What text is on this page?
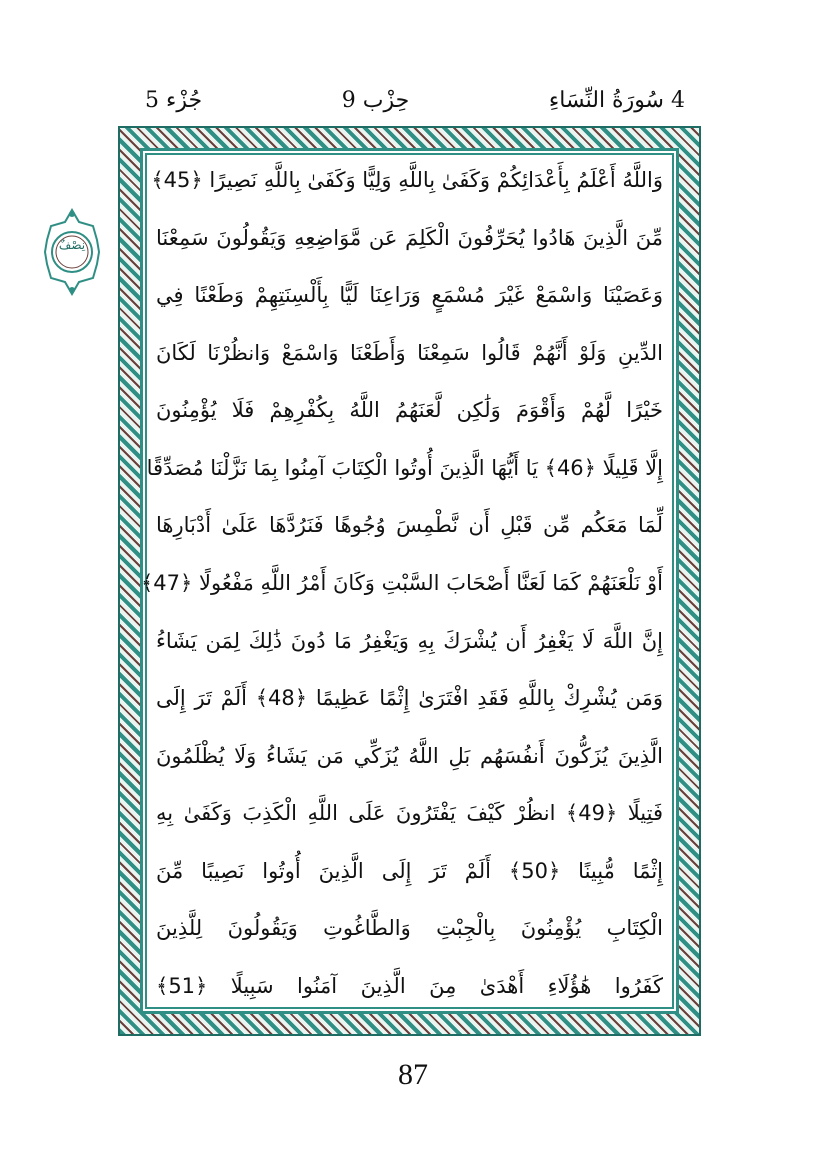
4 سُورَةُ النِّسَاءِ
حِزْب 9
جُزْء 5
وَاللَّهُ أَعْلَمُ بِأَعْدَائِكُمْ وَكَفَىٰ بِاللَّهِ وَلِيًّا وَكَفَىٰ بِاللَّهِ نَصِيرًا ﴿45﴾
مِّنَ الَّذِينَ هَادُوا يُحَرِّفُونَ الْكَلِمَ عَن مَّوَاضِعِهِ وَيَقُولُونَ سَمِعْنَا
وَعَصَيْنَا وَاسْمَعْ غَيْرَ مُسْمَعٍ وَرَاعِنَا لَيًّا بِأَلْسِنَتِهِمْ وَطَعْنًا فِي
الدِّينِ وَلَوْ أَنَّهُمْ قَالُوا سَمِعْنَا وَأَطَعْنَا وَاسْمَعْ وَانظُرْنَا لَكَانَ
خَيْرًا لَّهُمْ وَأَقْوَمَ وَلَٰكِن لَّعَنَهُمُ اللَّهُ بِكُفْرِهِمْ فَلَا يُؤْمِنُونَ
إِلَّا قَلِيلًا ﴿46﴾ يَا أَيُّهَا الَّذِينَ أُوتُوا الْكِتَابَ آمِنُوا بِمَا نَزَّلْنَا مُصَدِّقًا
لِّمَا مَعَكُم مِّن قَبْلِ أَن نَّطْمِسَ وُجُوهًا فَنَرُدَّهَا عَلَىٰ أَدْبَارِهَا
أَوْ نَلْعَنَهُمْ كَمَا لَعَنَّا أَصْحَابَ السَّبْتِ وَكَانَ أَمْرُ اللَّهِ مَفْعُولًا ﴿47﴾
إِنَّ اللَّهَ لَا يَغْفِرُ أَن يُشْرَكَ بِهِ وَيَغْفِرُ مَا دُونَ ذَٰلِكَ لِمَن يَشَاءُ
وَمَن يُشْرِكْ بِاللَّهِ فَقَدِ افْتَرَىٰ إِثْمًا عَظِيمًا ﴿48﴾ أَلَمْ تَرَ إِلَى
الَّذِينَ يُزَكُّونَ أَنفُسَهُم بَلِ اللَّهُ يُزَكِّي مَن يَشَاءُ وَلَا يُظْلَمُونَ
فَتِيلًا ﴿49﴾ انظُرْ كَيْفَ يَفْتَرُونَ عَلَى اللَّهِ الْكَذِبَ وَكَفَىٰ بِهِ
إِثْمًا مُّبِينًا ﴿50﴾ أَلَمْ تَرَ إِلَى الَّذِينَ أُوتُوا نَصِيبًا مِّنَ
الْكِتَابِ يُؤْمِنُونَ بِالْجِبْتِ وَالطَّاغُوتِ وَيَقُولُونَ لِلَّذِينَ
كَفَرُوا هَٰؤُلَاءِ أَهْدَىٰ مِنَ الَّذِينَ آمَنُوا سَبِيلًا ﴿51﴾
نِصْفٌ
87
